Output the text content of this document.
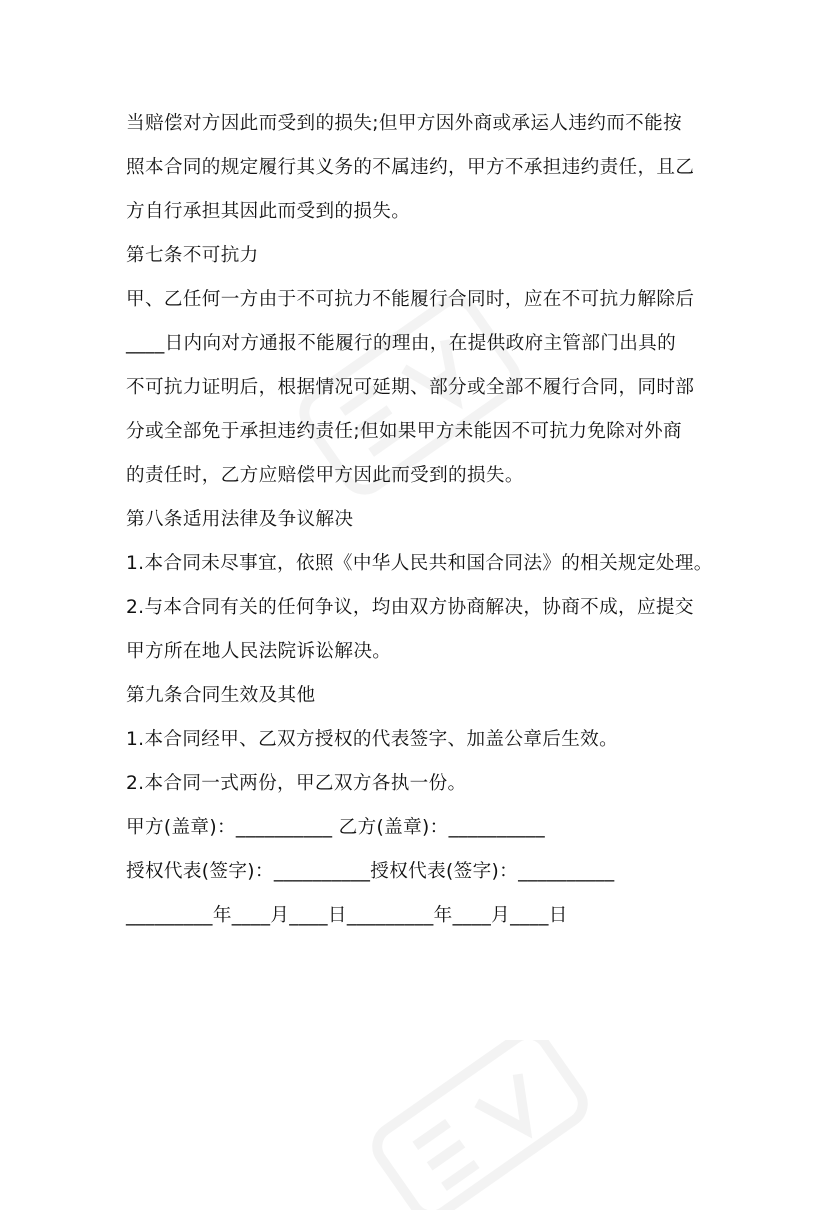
当赔偿对方因此而受到的损失;但甲方因外商或承运人违约而不能按

照本合同的规定履行其义务的不属违约，甲方不承担违约责任，且乙

方自行承担其因此而受到的损失。

第七条不可抗力

甲、乙任何一方由于不可抗力不能履行合同时，应在不可抗力解除后

____日内向对方通报不能履行的理由，在提供政府主管部门出具的

不可抗力证明后，根据情况可延期、部分或全部不履行合同，同时部

分或全部免于承担违约责任;但如果甲方未能因不可抗力免除对外商

的责任时，乙方应赔偿甲方因此而受到的损失。

第八条适用法律及争议解决

1.本合同未尽事宜，依照《中华人民共和国合同法》的相关规定处理。

2.与本合同有关的任何争议，均由双方协商解决，协商不成，应提交

甲方所在地人民法院诉讼解决。

第九条合同生效及其他

1.本合同经甲、乙双方授权的代表签字、加盖公章后生效。

2.本合同一式两份，甲乙双方各执一份。

甲方(盖章)：__________ 乙方(盖章)：__________

授权代表(签字)：__________授权代表(签字)：__________

_________年____月____日_________年____月____日
